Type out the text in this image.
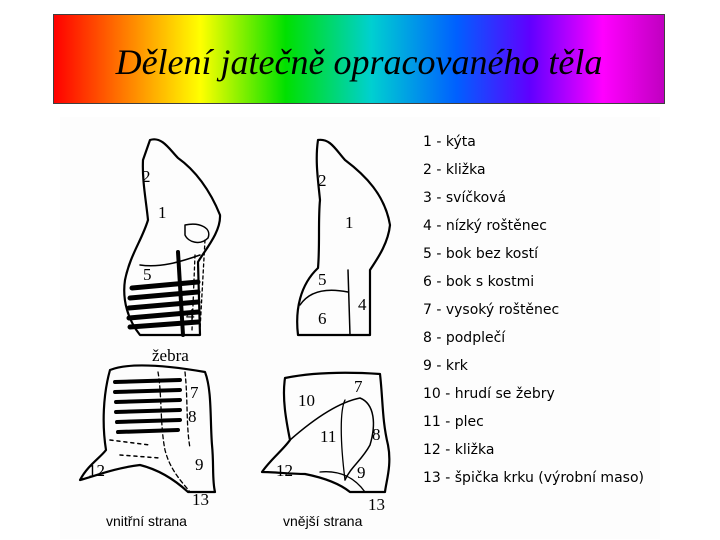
Dělení jatečně opracovaného těla
2
1
5
4
7
8
9
12
13
žebra
2
1
5
6
4
7
10
11 8
9
12
13
vnitřní strana	vnější strana
1 - kýta
2 - kližka
3 - svíčková
4 - nízký roštěnec
5 - bok bez kostí
6 - bok s kostmi
7 - vysoký roštěnec
8 - podplečí
9 - krk
10 - hrudí se žebry
11 - plec
12 - kližka
13 - špička krku (výrobní maso)
